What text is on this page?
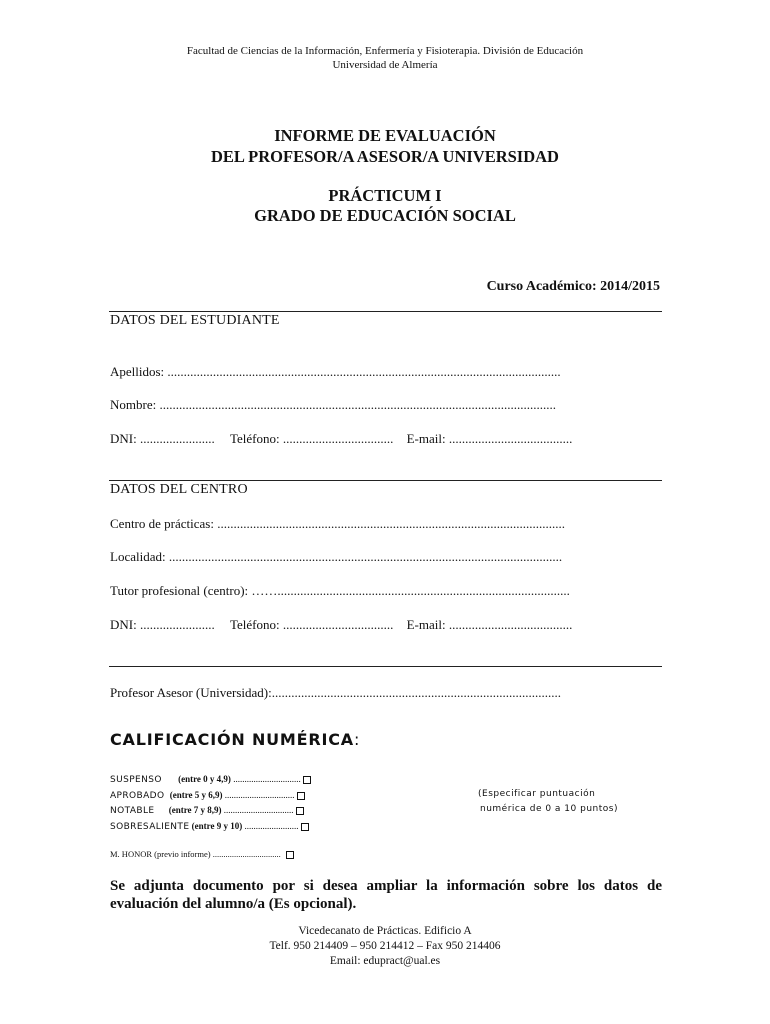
Facultad de Ciencias de la Información, Enfermería y Fisioterapia. División de Educación
Universidad de Almería
INFORME DE EVALUACIÓN
DEL PROFESOR/A ASESOR/A UNIVERSIDAD
PRÁCTICUM I
GRADO DE EDUCACIÓN SOCIAL
Curso Académico: 2014/2015
DATOS DEL ESTUDIANTE
Apellidos: .........................................................................................................................
Nombre: ..........................................................................................................................
DNI: ....................... Teléfono: .................................. E-mail: ......................................
DATOS DEL CENTRO
Centro de prácticas: ...........................................................................................................
Localidad: .........................................................................................................................
Tutor profesional (centro): ……..........................................................................................
DNI: ....................... Teléfono: .................................. E-mail: ......................................
Profesor Asesor (Universidad):.........................................................................................
CALIFICACIÓN NUMÉRICA:
SUSPENSO (entre 0 y 4,9) ..............................
APROBADO (entre 5 y 6,9) ...............................
NOTABLE (entre 7 y 8,9) ...............................
SOBRESALIENTE (entre 9 y 10) ........................
(Especificar puntuación
numérica de 0 a 10 puntos)
M. HONOR (previo informe) ................................
Se adjunta documento por si desea ampliar la información sobre los datos de evaluación del alumno/a (Es opcional).
Vicedecanato de Prácticas. Edificio A
Telf. 950 214409 – 950 214412 – Fax 950 214406
Email: edupract@ual.es
